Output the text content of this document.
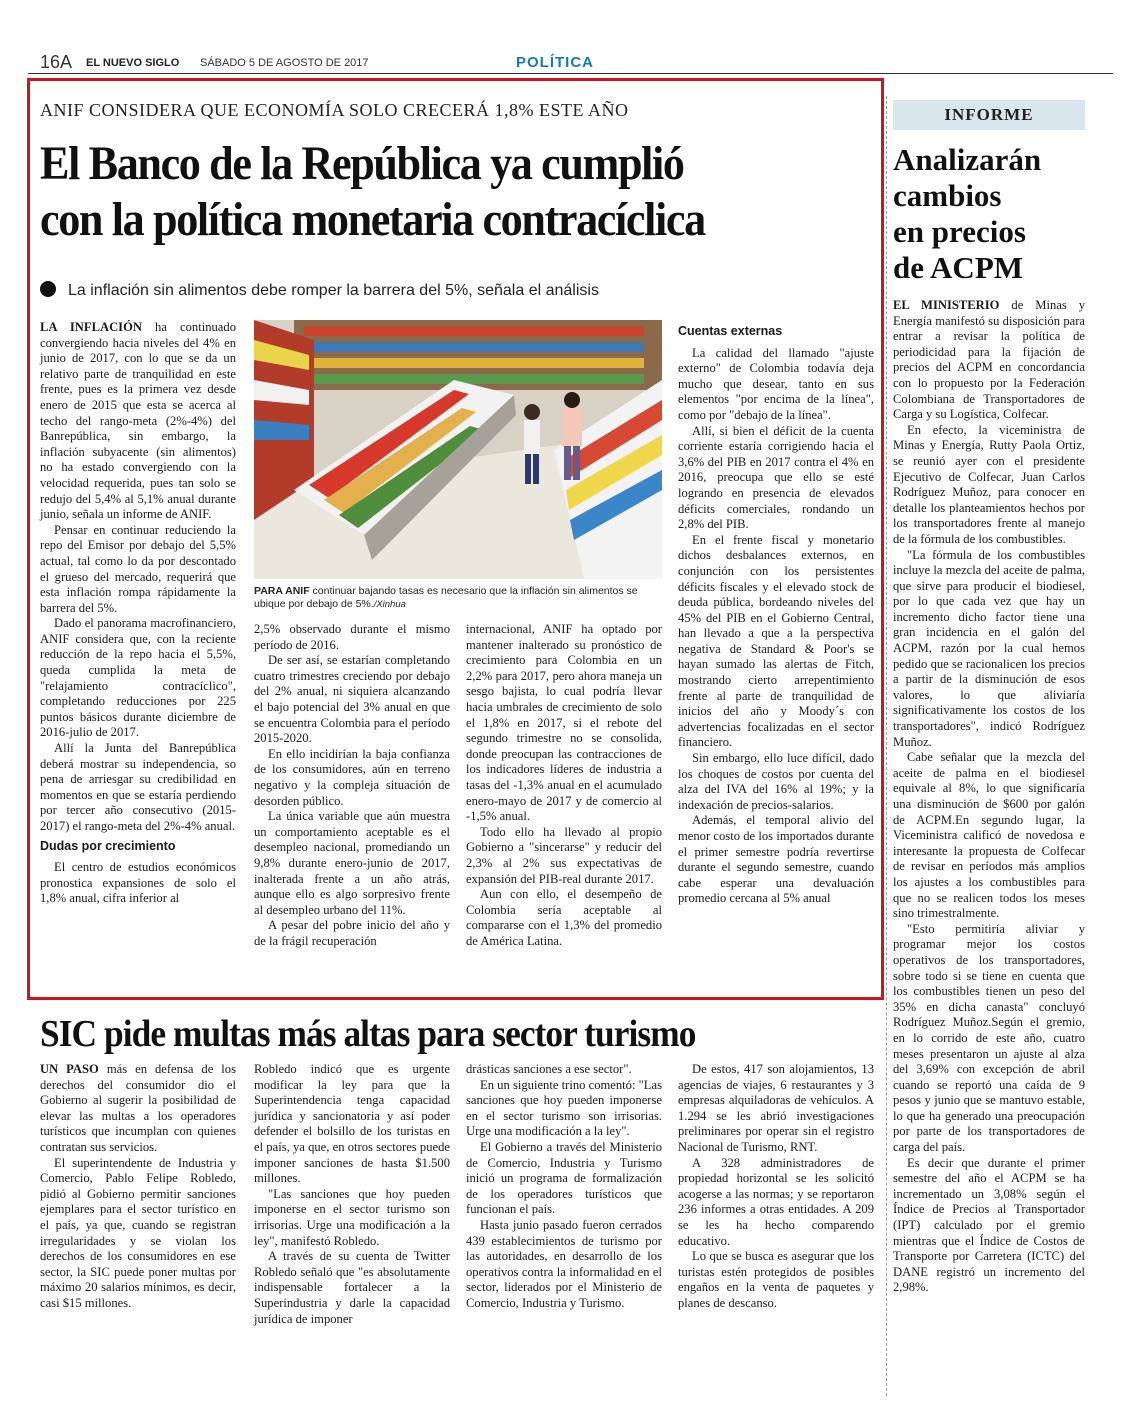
16A EL NUEVO SIGLO SÁBADO 5 DE AGOSTO DE 2017	POLÍTICA
ANIF CONSIDERA QUE ECONOMÍA SOLO CRECERÁ 1,8% ESTE AÑO
El Banco de la República ya cumplió
con la política monetaria contracíclica
La inflación sin alimentos debe romper la barrera del 5%, señala el análisis

LA INFLACIÓN ha continuado convergiendo hacia niveles del 4% en junio de 2017, con lo que se da un relativo parte de tranquilidad en este frente, pues es la primera vez desde enero de 2015 que esta se acerca al techo del rango-meta (2%-4%) del Banrepública, sin embargo, la inflación subyacente (sin alimentos) no ha estado convergiendo con la velocidad requerida, pues tan solo se redujo del 5,4% al 5,1% anual durante junio, señala un informe de ANIF.

Pensar en continuar reduciendo la repo del Emisor por debajo del 5,5% actual, tal como lo da por descontado el grueso del mercado, requerirá que esta inflación rompa rápidamente la barrera del 5%.

Dado el panorama macrofinanciero, ANIF considera que, con la reciente reducción de la repo hacia el 5,5%, queda cumplida la meta de "relajamiento contracíclico", completando reducciones por 225 puntos básicos durante diciembre de 2016-julio de 2017.

Allí la Junta del Banrepública deberá mostrar su independencia, so pena de arriesgar su credibilidad en momentos en que se estaría perdiendo por tercer año consecutivo (2015-2017) el rango-meta del 2%-4% anual.

Dudas por crecimiento

El centro de estudios económicos pronostica expansiones de solo el 1,8% anual, cifra inferior al

PARA ANIF continuar bajando tasas es necesario que la inflación sin alimentos se ubique por debajo de 5%./Xinhua

2,5% observado durante el mismo período de 2016.

De ser así, se estarían completando cuatro trimestres creciendo por debajo del 2% anual, ni siquiera alcanzando el bajo potencial del 3% anual en que se encuentra Colombia para el período 2015-2020.

En ello incidirían la baja confianza de los consumidores, aún en terreno negativo y la compleja situación de desorden público.

La única variable que aún muestra un comportamiento aceptable es el desempleo nacional, promediando un 9,8% durante enero-junio de 2017, inalterada frente a un año atrás, aunque ello es algo sorpresivo frente al desempleo urbano del 11%.

A pesar del pobre inicio del año y de la frágil recuperación

internacional, ANIF ha optado por mantener inalterado su pronóstico de crecimiento para Colombia en un 2,2% para 2017, pero ahora maneja un sesgo bajista, lo cual podría llevar hacia umbrales de crecimiento de solo el 1,8% en 2017, si el rebote del segundo trimestre no se consolida, donde preocupan las contracciones de los indicadores líderes de industria a tasas del -1,3% anual en el acumulado enero-mayo de 2017 y de comercio al -1,5% anual.

Todo ello ha llevado al propio Gobierno a "sincerarse" y reducir del 2,3% al 2% sus expectativas de expansión del PIB-real durante 2017.

Aun con ello, el desempeño de Colombia sería aceptable al compararse con el 1,3% del promedio de América Latina.

Cuentas externas

La calidad del llamado "ajuste externo" de Colombia todavía deja mucho que desear, tanto en sus elementos "por encima de la línea", como por "debajo de la línea".

Allí, si bien el déficit de la cuenta corriente estaría corrigiendo hacia el 3,6% del PIB en 2017 contra el 4% en 2016, preocupa que ello se esté logrando en presencia de elevados déficits comerciales, rondando un 2,8% del PIB.

En el frente fiscal y monetario dichos desbalances externos, en conjunción con los persistentes déficits fiscales y el elevado stock de deuda pública, bordeando niveles del 45% del PIB en el Gobierno Central, han llevado a que a la perspectiva negativa de Standard & Poor's se hayan sumado las alertas de Fitch, mostrando cierto arrepentimiento frente al parte de tranquilidad de inicios del año y Moody´s con advertencias focalizadas en el sector financiero.

Sin embargo, ello luce difícil, dado los choques de costos por cuenta del alza del IVA del 16% al 19%; y la indexación de precios-salarios.

Además, el temporal alivio del menor costo de los importados durante el primer semestre podría revertirse durante el segundo semestre, cuando cabe esperar una devaluación promedio cercana al 5% anual

SIC pide multas más altas para sector turismo

UN PASO más en defensa de los derechos del consumidor dio el Gobierno al sugerir la posibilidad de elevar las multas a los operadores turísticos que incumplan con quienes contratan sus servicios.

El superintendente de Industria y Comercio, Pablo Felipe Robledo, pidió al Gobierno permitir sanciones ejemplares para el sector turístico en el país, ya que, cuando se registran irregularidades y se violan los derechos de los consumidores en ese sector, la SIC puede poner multas por máximo 20 salarios mínimos, es decir, casi $15 millones.

Robledo indicó que es urgente modificar la ley para que la Superintendencia tenga capacidad jurídica y sancionatoria y así poder defender el bolsillo de los turistas en el país, ya que, en otros sectores puede imponer sanciones de hasta $1.500 millones.

"Las sanciones que hoy pueden imponerse en el sector turismo son irrisorias. Urge una modificación a la ley", manifestó Robledo.

A través de su cuenta de Twitter Robledo señaló que "es absolutamente indispensable fortalecer a la Superindustria y darle la capacidad jurídica de imponer

drásticas sanciones a ese sector".

En un siguiente trino comentó: "Las sanciones que hoy pueden imponerse en el sector turismo son irrisorias. Urge una modificación a la ley".

El Gobierno a través del Ministerio de Comercio, Industria y Turismo inició un programa de formalización de los operadores turísticos que funcionan el país.

Hasta junio pasado fueron cerrados 439 establecimientos de turismo por las autoridades, en desarrollo de los operativos contra la informalidad en el sector, liderados por el Ministerio de Comercio, Industria y Turismo.

De estos, 417 son alojamientos, 13 agencias de viajes, 6 restaurantes y 3 empresas alquiladoras de vehículos. A 1.294 se les abrió investigaciones preliminares por operar sin el registro Nacional de Turismo, RNT.

A 328 administradores de propiedad horizontal se les solicitó acogerse a las normas; y se reportaron 236 informes a otras entidades. A 209 se les ha hecho comparendo educativo.

Lo que se busca es asegurar que los turistas estén protegidos de posibles engaños en la venta de paquetes y planes de descanso.

INFORME
Analizarán
cambios
en precios
de ACPM

EL MINISTERIO de Minas y Energía manifestó su disposición para entrar a revisar la política de periodicidad para la fijación de precios del ACPM en concordancia con lo propuesto por la Federación Colombiana de Transportadores de Carga y su Logística, Colfecar.

En efecto, la viceministra de Minas y Energía, Rutty Paola Ortiz, se reunió ayer con el presidente Ejecutivo de Colfecar, Juan Carlos Rodríguez Muñoz, para conocer en detalle los planteamientos hechos por los transportadores frente al manejo de la fórmula de los combustibles.

"La fórmula de los combustibles incluye la mezcla del aceite de palma, que sirve para producir el biodiesel, por lo que cada vez que hay un incremento dicho factor tiene una gran incidencia en el galón del ACPM, razón por la cual hemos pedido que se racionalicen los precios a partir de la disminución de esos valores, lo que aliviaría significativamente los costos de los transportadores", indicó Rodríguez Muñoz.

Cabe señalar que la mezcla del aceite de palma en el biodiesel equivale al 8%, lo que significaría una disminución de $600 por galón de ACPM.En segundo lugar, la Viceministra calificó de novedosa e interesante la propuesta de Colfecar de revisar en períodos más amplios los ajustes a los combustibles para que no se realicen todos los meses sino trimestralmente.

"Esto permitiría aliviar y programar mejor los costos operativos de los transportadores, sobre todo si se tiene en cuenta que los combustibles tienen un peso del 35% en dicha canasta" concluyó Rodríguez Muñoz.Según el gremio, en lo corrido de este año, cuatro meses presentaron un ajuste al alza del 3,69% con excepción de abril cuando se reportó una caída de 9 pesos y junio que se mantuvo estable, lo que ha generado una preocupación por parte de los transportadores de carga del país.

Es decir que durante el primer semestre del año el ACPM se ha incrementado un 3,08% según el Índice de Precios al Transportador (IPT) calculado por el gremio mientras que el Índice de Costos de Transporte por Carretera (ICTC) del DANE registró un incremento del 2,98%.
